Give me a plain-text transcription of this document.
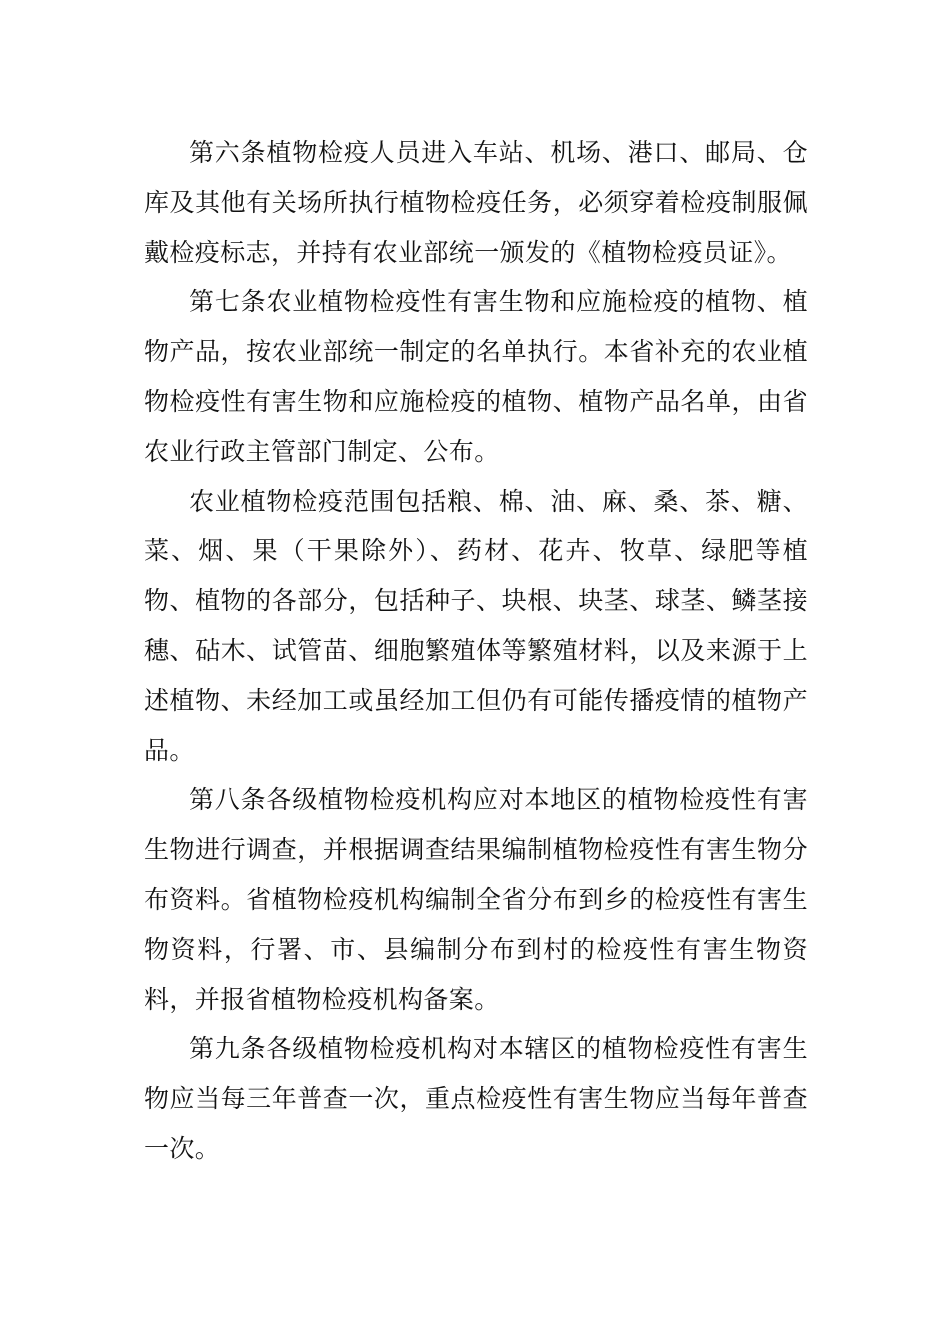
第六条植物检疫人员进入车站、机场、港口、邮局、仓库及其他有关场所执行植物检疫任务，必须穿着检疫制服佩戴检疫标志，并持有农业部统一颁发的《植物检疫员证》。

第七条农业植物检疫性有害生物和应施检疫的植物、植物产品，按农业部统一制定的名单执行。本省补充的农业植物检疫性有害生物和应施检疫的植物、植物产品名单，由省农业行政主管部门制定、公布。

农业植物检疫范围包括粮、棉、油、麻、桑、茶、糖、菜、烟、果（干果除外）、药材、花卉、牧草、绿肥等植物、植物的各部分，包括种子、块根、块茎、球茎、鳞茎接穗、砧木、试管苗、细胞繁殖体等繁殖材料，以及来源于上述植物、未经加工或虽经加工但仍有可能传播疫情的植物产品。

第八条各级植物检疫机构应对本地区的植物检疫性有害生物进行调查，并根据调查结果编制植物检疫性有害生物分布资料。省植物检疫机构编制全省分布到乡的检疫性有害生物资料，行署、市、县编制分布到村的检疫性有害生物资料，并报省植物检疫机构备案。

第九条各级植物检疫机构对本辖区的植物检疫性有害生物应当每三年普查一次，重点检疫性有害生物应当每年普查一次。
